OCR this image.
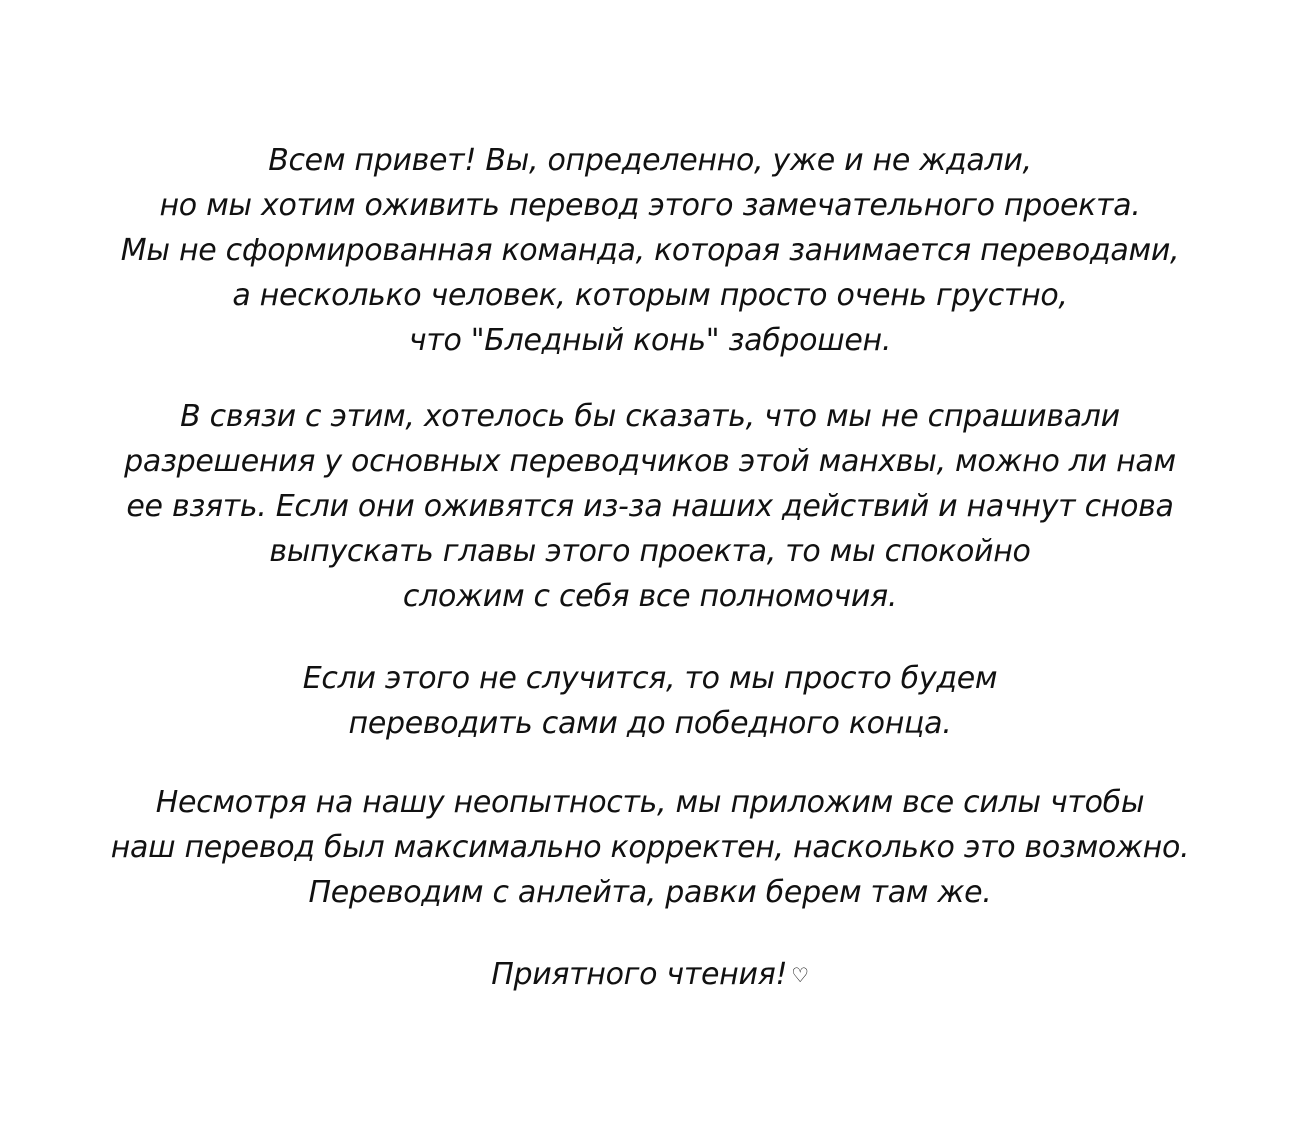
Всем привет! Вы, определенно, уже и не ждали,
но мы хотим оживить перевод этого замечательного проекта.
Мы не сформированная команда, которая занимается переводами,
а несколько человек, которым просто очень грустно,
что "Бледный конь" заброшен.
В связи с этим, хотелось бы сказать, что мы не спрашивали
разрешения у основных переводчиков этой манхвы, можно ли нам
ее взять. Если они оживятся из-за наших действий и начнут снова
выпускать главы этого проекта, то мы спокойно
сложим с себя все полномочия.
Если этого не случится, то мы просто будем
переводить сами до победного конца.
Несмотря на нашу неопытность, мы приложим все силы чтобы
наш перевод был максимально корректен, насколько это возможно.
Переводим с анлейта, равки берем там же.
Приятного чтения! ♡
